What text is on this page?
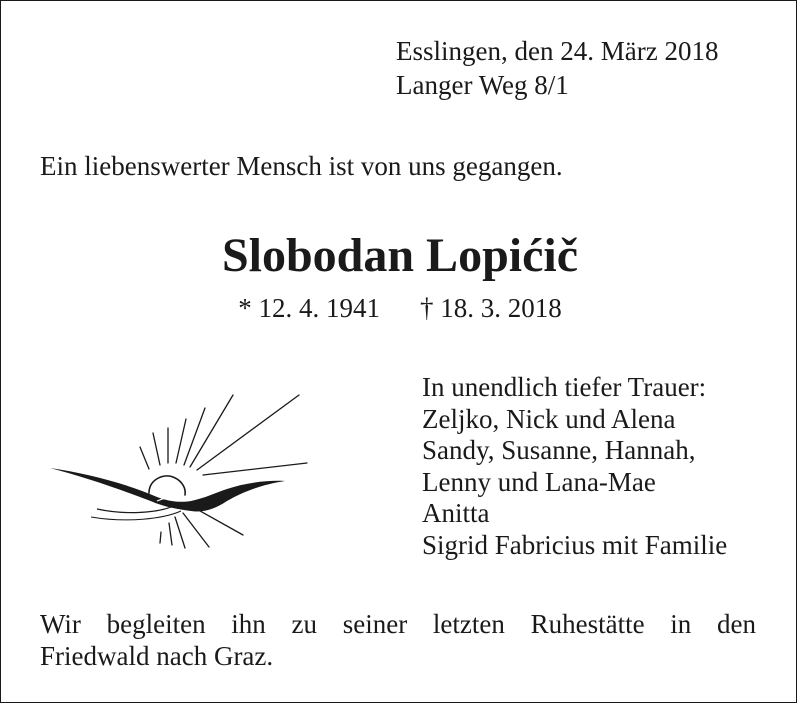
Esslingen, den 24. März 2018
Langer Weg 8/1
Ein liebenswerter Mensch ist von uns gegangen.
Slobodan Lopićič
* 12. 4. 1941 † 18. 3. 2018
In unendlich tiefer Trauer:
Zeljko, Nick und Alena
Sandy, Susanne, Hannah,
Lenny und Lana-Mae
Anitta
Sigrid Fabricius mit Familie
Wir begleiten ihn zu seiner letzten Ruhestätte in den
Friedwald nach Graz.
